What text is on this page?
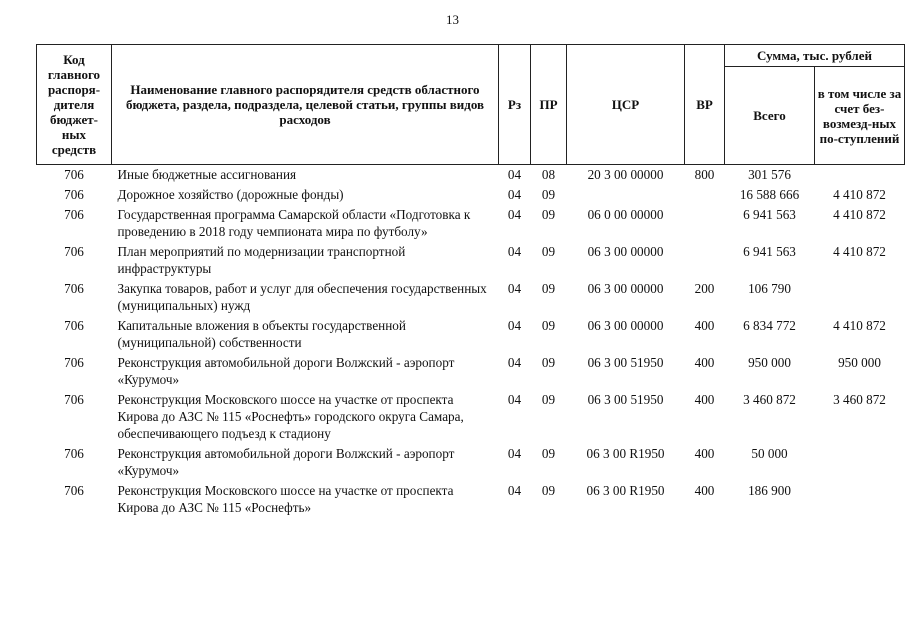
13
Код главного распоря-дителя бюджет-ных средств	Наименование главного распорядителя средств областного бюджета, раздела, подраздела, целевой статьи, группы видов расходов	Рз	ПР	ЦСР	ВР	Сумма, тыс. рублей	
						Всего	в том числе за счет без-возмезд-ных по-ступлений
706	Иные бюджетные ассигнования	04	08	20 3 00 00000	800	301 576	
706	Дорожное хозяйство (дорожные фонды)	04	09			16 588 666	4 410 872
706	Государственная программа Самарской области «Подготовка к проведению в 2018 году чемпионата мира по футболу»	04	09	06 0 00 00000		6 941 563	4 410 872
706	План мероприятий по модернизации транспортной инфраструктуры	04	09	06 3 00 00000		6 941 563	4 410 872
706	Закупка товаров, работ и услуг для обеспечения государственных (муниципальных) нужд	04	09	06 3 00 00000	200	106 790	
706	Капитальные вложения в объекты государственной (муниципальной) собственности	04	09	06 3 00 00000	400	6 834 772	4 410 872
706	Реконструкция автомобильной дороги Волжский - аэропорт «Курумоч»	04	09	06 3 00 51950	400	950 000	950 000
706	Реконструкция Московского шоссе на участке от проспекта Кирова до АЗС № 115 «Роснефть» городского округа Самара, обеспечивающего подъезд к стадиону	04	09	06 3 00 51950	400	3 460 872	3 460 872
706	Реконструкция автомобильной дороги Волжский - аэропорт «Курумоч»	04	09	06 3 00 R1950	400	50 000	
706	Реконструкция Московского шоссе на участке от проспекта Кирова до АЗС № 115 «Роснефть»	04	09	06 3 00 R1950	400	186 900	
